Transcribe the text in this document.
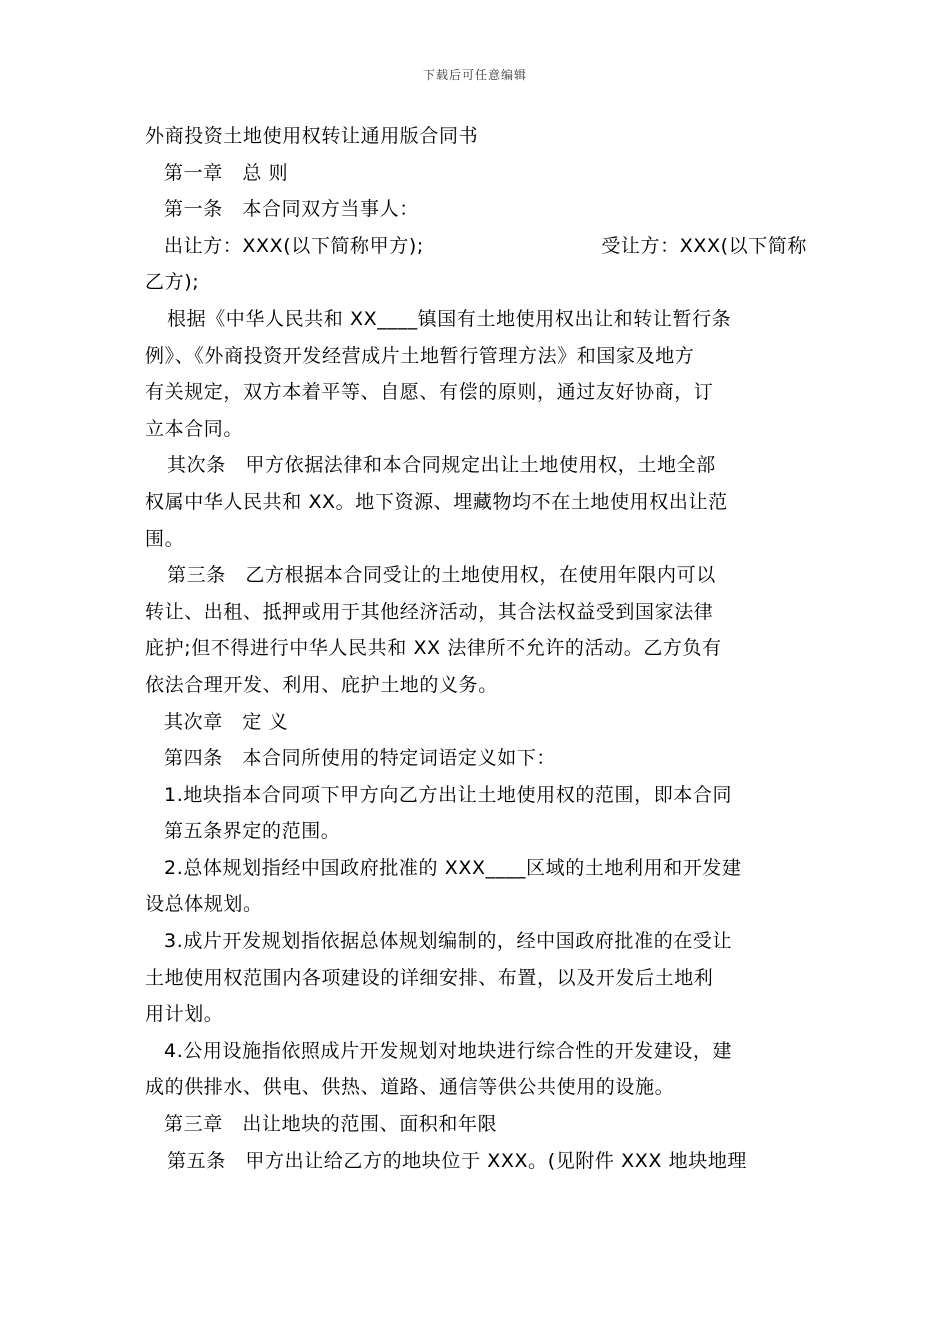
下载后可任意编辑
外商投资土地使用权转让通用版合同书
第一章　总 则
第一条　本合同双方当事人：
出让方：XXX(以下简称甲方);	受让方：XXX(以下简称
乙方);
根据《中华人民共和 XX____镇国有土地使用权出让和转让暂行条
例》、《外商投资开发经营成片土地暂行管理方法》和国家及地方
有关规定，双方本着平等、自愿、有偿的原则，通过友好协商，订
立本合同。
其次条　甲方依据法律和本合同规定出让土地使用权，土地全部
权属中华人民共和 XX。地下资源、埋藏物均不在土地使用权出让范
围。
第三条　乙方根据本合同受让的土地使用权，在使用年限内可以
转让、出租、抵押或用于其他经济活动，其合法权益受到国家法律
庇护;但不得进行中华人民共和 XX 法律所不允许的活动。乙方负有
依法合理开发、利用、庇护土地的义务。
其次章　定 义
第四条　本合同所使用的特定词语定义如下：
1.地块指本合同项下甲方向乙方出让土地使用权的范围，即本合同
第五条界定的范围。
2.总体规划指经中国政府批准的 XXX____区域的土地利用和开发建
设总体规划。
3.成片开发规划指依据总体规划编制的，经中国政府批准的在受让
土地使用权范围内各项建设的详细安排、布置，以及开发后土地利
用计划。
4.公用设施指依照成片开发规划对地块进行综合性的开发建设，建
成的供排水、供电、供热、道路、通信等供公共使用的设施。
第三章　出让地块的范围、面积和年限
第五条　甲方出让给乙方的地块位于 XXX。(见附件 XXX 地块地理
